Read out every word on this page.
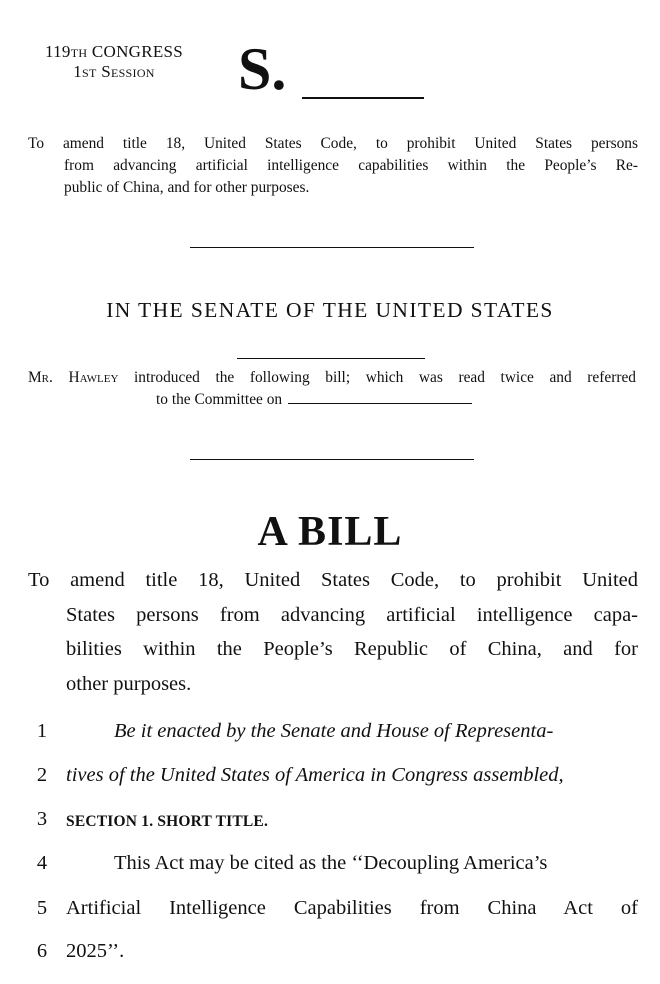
119th CONGRESS
1st Session	S.
To amend title 18, United States Code, to prohibit United States persons
from advancing artificial intelligence capabilities within the People’s Re-
public of China, and for other purposes.
IN THE SENATE OF THE UNITED STATES
Mr. Hawley introduced the following bill; which was read twice and referred
to the Committee on
A BILL
To amend title 18, United States Code, to prohibit United
States persons from advancing artificial intelligence capa-
bilities within the People’s Republic of China, and for
other purposes.
1	Be it enacted by the Senate and House of Representa-
2 tives of the United States of America in Congress assembled,
3	SECTION 1. SHORT TITLE.
4	This Act may be cited as the ‘‘Decoupling America’s
5 Artificial Intelligence Capabilities from China Act of
6 2025’’.
